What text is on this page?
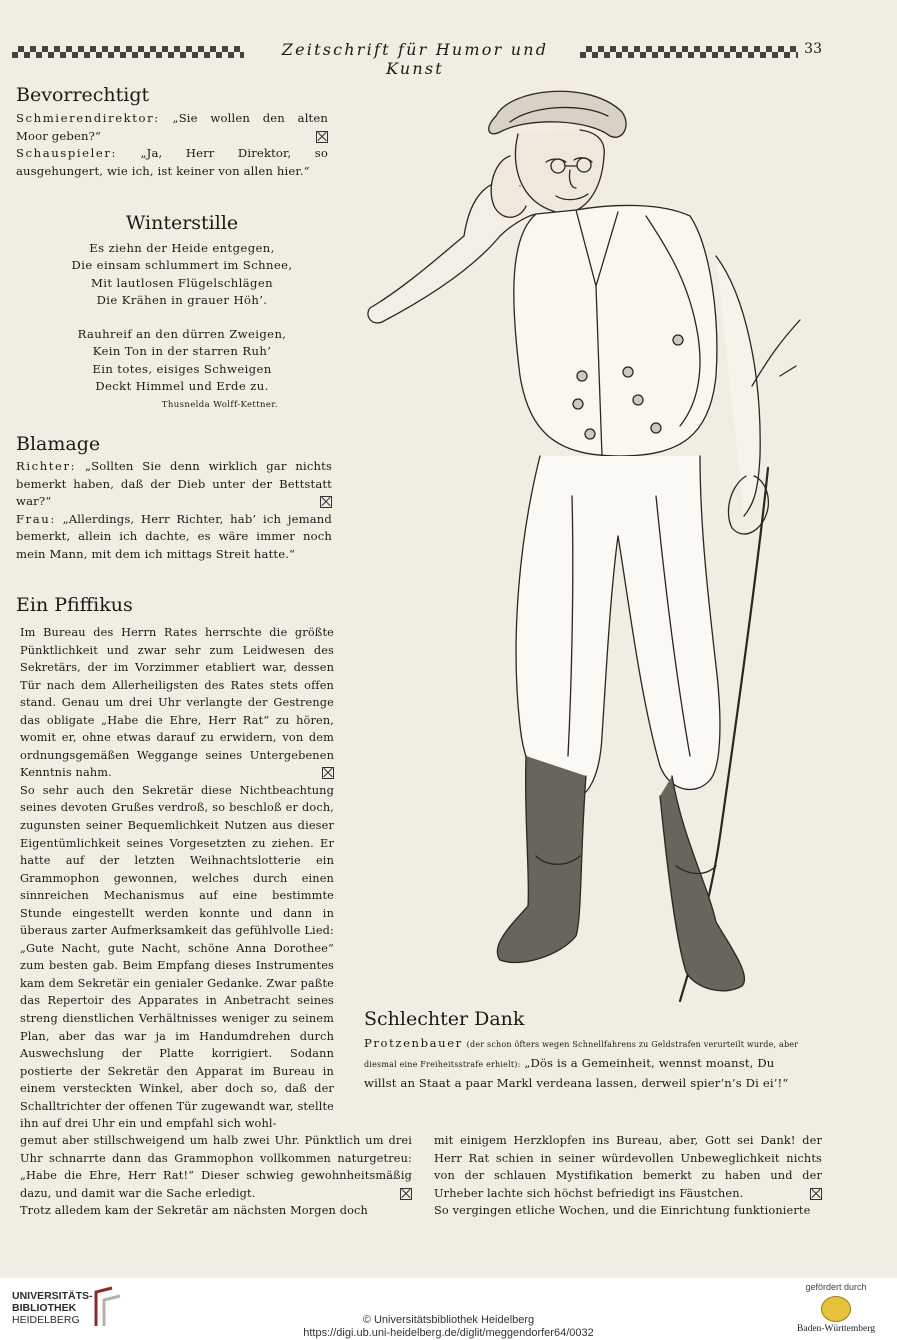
Zeitschrift für Humor und Kunst
33
Bevorrechtigt

Schmierendirektor: „Sie wollen den alten Moor geben?“

Schauspieler: „Ja, Herr Direktor, so ausgehungert, wie ich, ist keiner von allen hier.“

Winterstille
Es ziehn der Heide entgegen,
Die einsam schlummert im Schnee,
Mit lautlosen Flügelschlägen
Die Krähen in grauer Höh’.
Rauhreif an den dürren Zweigen,
Kein Ton in der starren Ruh’
Ein totes, eisiges Schweigen
Deckt Himmel und Erde zu.
Thusnelda Wolff-Kettner.
Blamage

Richter: „Sollten Sie denn wirklich gar nichts bemerkt haben, daß der Dieb unter der Bettstatt war?“

Frau: „Allerdings, Herr Richter, hab’ ich jemand bemerkt, allein ich dachte, es wäre immer noch mein Mann, mit dem ich mittags Streit hatte.“

Ein Pfiffikus

Im Bureau des Herrn Rates herrschte die größte Pünktlichkeit und zwar sehr zum Leidwesen des Sekretärs, der im Vorzimmer etabliert war, dessen Tür nach dem Allerheiligsten des Rates stets offen stand. Genau um drei Uhr verlangte der Gestrenge das obligate „Habe die Ehre, Herr Rat“ zu hören, womit er, ohne etwas darauf zu erwidern, von dem ordnungsgemäßen Weggange seines Untergebenen Kenntnis nahm.

So sehr auch den Sekretär diese Nichtbeachtung seines devoten Grußes verdroß, so beschloß er doch, zugunsten seiner Bequemlichkeit Nutzen aus dieser Eigentümlichkeit seines Vorgesetzten zu ziehen. Er hatte auf der letzten Weihnachtslotterie ein Grammophon gewonnen, welches durch einen sinnreichen Mechanismus auf eine bestimmte Stunde eingestellt werden konnte und dann in überaus zarter Aufmerksamkeit das gefühlvolle Lied: „Gute Nacht, gute Nacht, schöne Anna Dorothee“ zum besten gab. Beim Empfang dieses Instrumentes kam dem Sekretär ein genialer Gedanke. Zwar paßte das Repertoir des Apparates in Anbetracht seines streng dienstlichen Verhältnisses weniger zu seinem Plan, aber das war ja im Handumdrehen durch Auswechslung der Platte korrigiert. Sodann postierte der Sekretär den Apparat im Bureau in einem versteckten Winkel, aber doch so, daß der Schalltrichter der offenen Tür zugewandt war, stellte ihn auf drei Uhr ein und empfahl sich wohl-

gemut aber stillschweigend um halb zwei Uhr. Pünktlich um drei Uhr schnarrte dann das Grammophon vollkommen naturgetreu: „Habe die Ehre, Herr Rat!“ Dieser schwieg gewohnheitsmäßig dazu, und damit war die Sache erledigt.

Trotz alledem kam der Sekretär am nächsten Morgen doch

mit einigem Herzklopfen ins Bureau, aber, Gott sei Dank! der Herr Rat schien in seiner würdevollen Unbeweglichkeit nichts von der schlauen Mystifikation bemerkt zu haben und der Urheber lachte sich höchst befriedigt ins Fäustchen.

So vergingen etliche Wochen, und die Einrichtung funktionierte

Schlechter Dank
Protzenbauer (der schon öfters wegen Schnellfahrens zu Geldstrafen verurteilt wurde, aber diesmal eine Freiheitsstrafe erhielt): „Dös is a Gemeinheit, wennst moanst, Du willst an Staat a paar Markl verdeana lassen, derweil spier’n’s Di ei’!“
UNIVERSITÄTS-
BIBLIOTHEK
HEIDELBERG	© Universitätsbibliothek Heidelberg
https://digi.ub.uni-heidelberg.de/diglit/meggendorfer64/0032
gefördert durch
Baden-Württemberg
